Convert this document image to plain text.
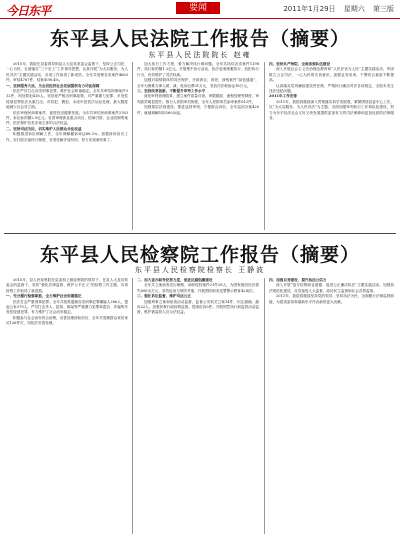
今日东平	要闻	2011年1月29日 星期六 第三版
东平县人民法院工作报告（摘要）
东平县人民法院院长 赵雍

2010年，我院在县委领导和县人大及其常委会监督下，坚持公正司法、一心为民，全面落实“三个至上”工作指导思想，认真开展“为大局服务、为人民司法”主题实践活动，各项工作取得了新成效。全年共受理各类案件4863件，审结4787件，结案率98.4%。

一、坚持服务大局，为全县经济社会发展提供有力司法保障

依法严厉打击各类刑事犯罪，维护社会和谐稳定。全年共审结刑事案件312件，判处罪犯418人。坚持宽严相济刑事政策，对严重暴力犯罪、多发性侵财犯罪依法从重打击；对初犯、偶犯、未成年犯依法从轻处理，最大限度地减少社会对立面。

依法审理民商事案件，促进经济健康发展。全年共审结民商事案件2763件，诉讼标的额2.9亿元。妥善审理涉及重点项目、招商引资、企业改制等案件，依法保护各类市场主体的合法权益。

二、坚持司法为民，切实维护人民群众合法权益

积极推进诉讼调解工作，全年调解撤诉率达68.2%。加强涉诉信访工作，实行院长接待日制度，妥善化解矛盾纠纷，努力实现案结事了。

加大执行工作力度，着力解决执行难问题。全年共执结各类案件1198件，执行标的额1.2亿元。开展集中执行活动，依法惩戒规避执行、抗拒执行行为，有效维护了司法权威。

加强对弱势群体的司法保护，开辟涉农、涉老、涉残案件“绿色通道”，全年为困难当事人缓、减、免诉讼费31万元，发放司法救助金18万元。

三、坚持改革创新，不断提升审判工作水平

深化审判管理改革，建立案件质量评查、审限跟踪、流程管理等制度，审判质效明显提升。推行人民陪审员制度，全年人民陪审员参审案件612件。

加强基层法庭建设，推进巡回审判，方便群众诉讼，全年巡回办案420件，就地调解纠纷260余起。

四、坚持从严治院，全面加强队伍建设

深入开展社会主义法治理念教育和“人民法官为人民”主题实践活动，牢固树立公正司法、一心为民的宗旨意识。加强业务培训，干警综合素质不断提高。

认真落实党风廉政建设责任制，严格执行廉洁司法各项规定，全院未发生违法违纪问题。

2011年工作安排

2011年，我院将继续深入贯彻落实科学发展观，紧紧围绕县委中心工作，以“为大局服务、为人民司法”为主题，全面加强审判执行工作和队伍建设，努力为东平经济社会又好又快发展提供更加有力的司法保障和更加优质的法律服务。

东平县人民检察院工作报告（摘要）
东平县人民检察院检察长 王静波

2010年，县人民检察院在县委和上级检察院的领导下，在县人大及其常委会的监督下，坚持“强化法律监督、维护公平正义”的检察工作主题，各项检察工作取得了新进展。

一、充分履行检察职能，全力维护社会和谐稳定

依法打击严重刑事犯罪。全年共批准逮捕各类刑事犯罪嫌疑人286人，提起公诉379人。严厉打击杀人、抢劫、绑架等严重暴力犯罪和盗窃、诈骗等多发性侵财犯罪，有力维护了社会治安稳定。

积极参与社会治安综合治理，妥善处理涉检信访，全年共受理群众来信来访126件次，均依法妥善处理。

二、加大查办职务犯罪力度，促进反腐倡廉建设

全年共立案侦查贪污贿赂、渎职侵权案件21件28人，为国家挽回经济损失600余万元。坚持惩治与预防并重，开展预防职务犯罪警示教育42场次。

三、强化诉讼监督，维护司法公正

加强刑事立案和侦查活动监督，监督公安机关立案14件，纠正漏捕、漏诉22人。加强民事行政检察监督，提请抗诉5件。开展刑罚执行和监管活动监督，维护被监管人员合法权益。

四、加强自身建设，提升执法公信力

深入开展“恪守检察职业道德、促进公正廉洁执法”主题实践活动，加强执法规范化建设，自觉接受人大监督、政协民主监督和社会各界监督。

2011年，我院将继续坚持党的领导，坚持执法为民，全面履行法律监督职能，为建设富裕和谐新东平作出新的更大贡献。
